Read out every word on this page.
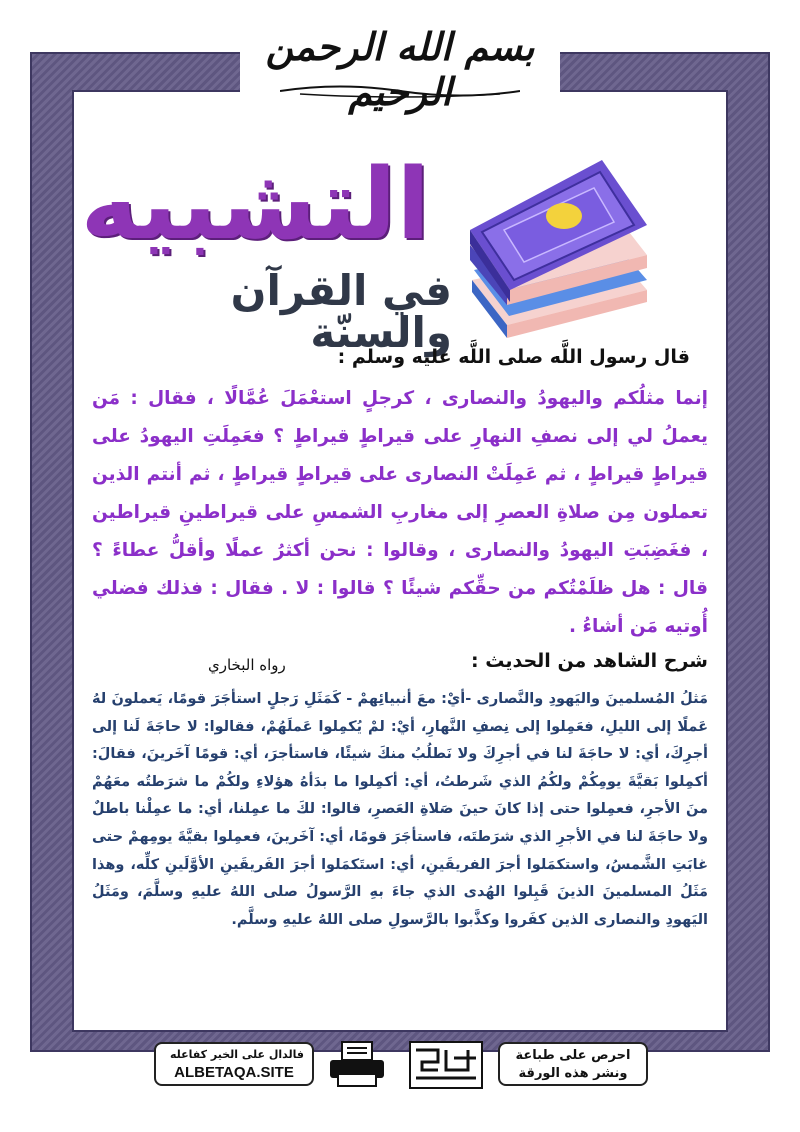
بسم الله الرحمن الرحيم
التشبيه
في القرآن والسنّة
قال رسول اللَّه صلى اللَّه عليه وسلم :
إنما مثلُكم واليهودُ والنصارى ، كرجلٍ استعْمَلَ عُمَّالًا ، فقال : مَن يعملُ لي إلى نصفِ النهارِ على قيراطٍ قيراطٍ ؟ فعَمِلَتِ اليهودُ على قيراطٍ قيراطٍ ، ثم عَمِلَتْ النصارى على قيراطٍ قيراطٍ ، ثم أنتم الذين تعملون مِن صلاةِ العصرِ إلى مغاربِ الشمسِ على قيراطينِ قيراطين ، فغَضِبَتِ اليهودُ والنصارى ، وقالوا : نحن أكثرُ عملًا وأقلُّ عطاءً ؟ قال : هل ظلَمْتُكم من حقِّكم شيئًا ؟ قالوا : لا . فقال : فذلك فضلي أُوتيه مَن أشاءُ .
شرح الشاهد من الحديث :
رواه البخاري
مَثلُ المُسلمينَ واليَهودِ والنَّصارى -أيْ: معَ أنبيائِهمْ - كَمَثَلِ رَجلٍ استأجَرَ قومًا، يَعملونَ لهُ عَملًا إلى الليلِ، فعَمِلوا إلى نِصفِ النَّهارِ، أيْ: لمْ يُكمِلوا عَملَهُمْ، فقالوا: لا حاجَةَ لَنا إلى أجرِكَ، أي: لا حاجَةَ لنا في أجرِكَ ولا نَطلُبُ منكَ شيئًا، فاستأجرَ، أي: قومًا آخَرينَ، فقالَ: أكمِلوا بَقيَّةَ يومِكُمْ ولكُمُ الذي شَرطتُ، أي: أكمِلوا ما بدَأهُ هؤلاءِ ولكُمْ ما شرَطتُه معَهُمْ منَ الأجرِ، فعمِلوا حتى إذا كانَ حينَ صَلاةِ العَصرِ، قالوا: لكَ ما عمِلنا، أي: ما عمِلْنا باطلٌ ولا حاجَةَ لنا في الأجرِ الذي شرَطتَه، فاستأجَرَ قومًا، أي: آخَرينَ، فعمِلوا بقيَّةَ يومِهمْ حتى غابَتِ الشَّمسُ، واستكمَلوا أجرَ الفريقَينِ، أي: استَكمَلوا أجرَ الفَريقَينِ الأوَّلَينِ كلِّه، وهذا مَثَلُ المسلمينَ الذينَ قَبِلوا الهُدى الذي جاءَ بهِ الرَّسولُ صلى اللهُ عليهِ وسلَّمَ، ومَثَلُ اليَهودِ والنصارى الذين كفَروا وكذَّبوا بالرَّسولِ صلى اللهُ عليهِ وسلَّم.
فالدال على الخير كفاعله
ALBETAQA.SITE
احرص على طباعة
ونشر هذه الورقة
